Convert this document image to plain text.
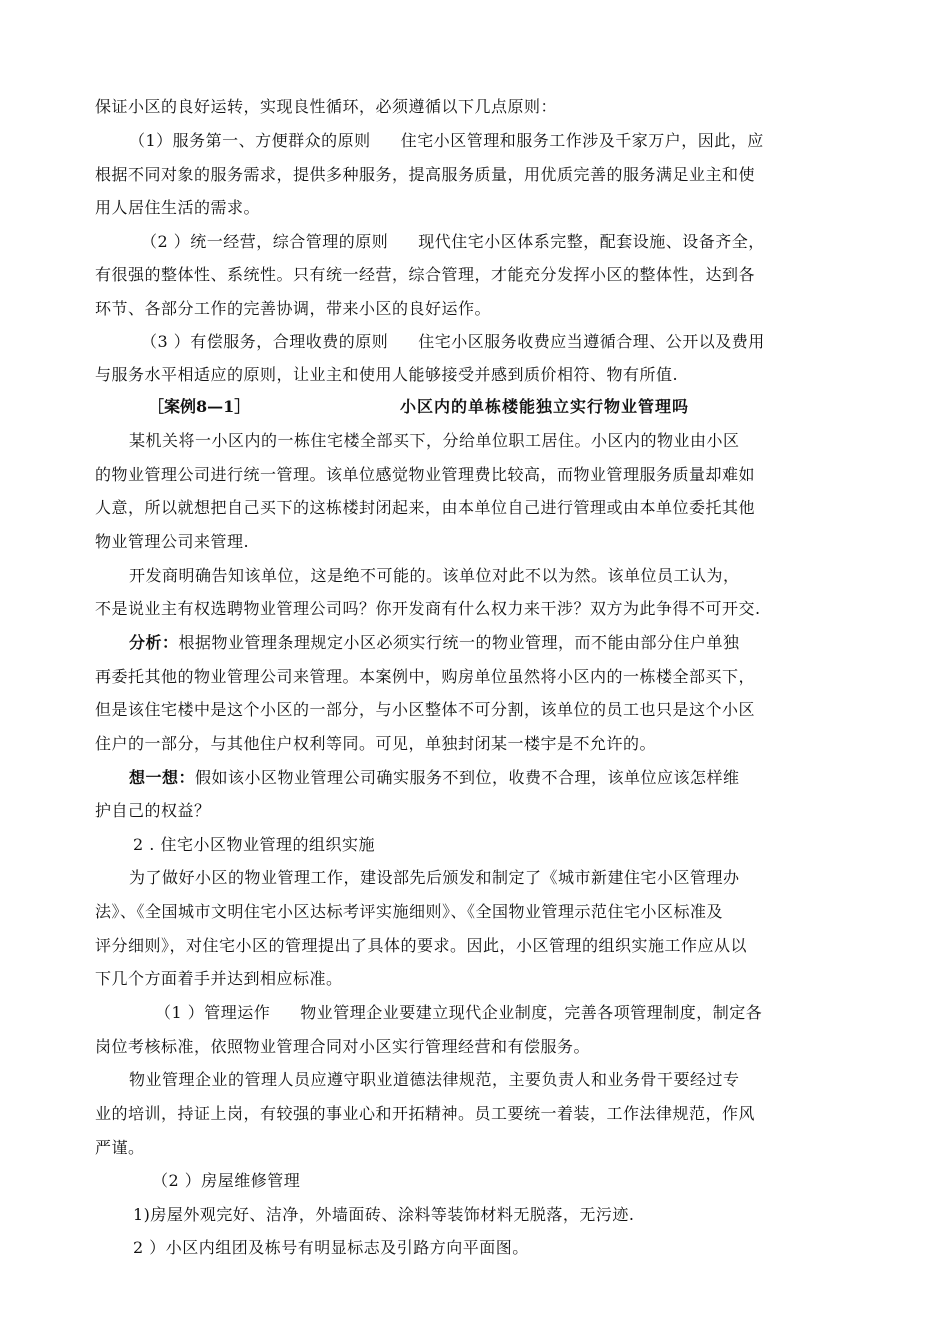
保证小区的良好运转，实现良性循环，必须遵循以下几点原则：
（1）服务第一、方便群众的原则 住宅小区管理和服务工作涉及千家万户，因此，应
根据不同对象的服务需求，提供多种服务，提高服务质量，用优质完善的服务满足业主和使
用人居住生活的需求。
（2 ）统一经营，综合管理的原则 现代住宅小区体系完整，配套设施、设备齐全，
有很强的整体性、系统性。只有统一经营，综合管理，才能充分发挥小区的整体性，达到各
环节、各部分工作的完善协调，带来小区的良好运作。
（3 ）有偿服务，合理收费的原则 住宅小区服务收费应当遵循合理、公开以及费用
与服务水平相适应的原则，让业主和使用人能够接受并感到质价相符、物有所值.
［案例8—1］	小区内的单栋楼能独立实行物业管理吗
某机关将一小区内的一栋住宅楼全部买下，分给单位职工居住。小区内的物业由小区
的物业管理公司进行统一管理。该单位感觉物业管理费比较高，而物业管理服务质量却难如
人意，所以就想把自己买下的这栋楼封闭起来，由本单位自己进行管理或由本单位委托其他
物业管理公司来管理.
开发商明确告知该单位，这是绝不可能的。该单位对此不以为然。该单位员工认为，
不是说业主有权选聘物业管理公司吗？你开发商有什么权力来干涉？双方为此争得不可开交.
分析：根据物业管理条理规定小区必须实行统一的物业管理，而不能由部分住户单独
再委托其他的物业管理公司来管理。本案例中，购房单位虽然将小区内的一栋楼全部买下，
但是该住宅楼中是这个小区的一部分，与小区整体不可分割，该单位的员工也只是这个小区
住户的一部分，与其他住户权利等同。可见，单独封闭某一楼宇是不允许的。
想一想：假如该小区物业管理公司确实服务不到位，收费不合理，该单位应该怎样维
护自己的权益？
2 . 住宅小区物业管理的组织实施
为了做好小区的物业管理工作，建设部先后颁发和制定了《城市新建住宅小区管理办
法》、《全国城市文明住宅小区达标考评实施细则》、《全国物业管理示范住宅小区标准及
评分细则》，对住宅小区的管理提出了具体的要求。因此，小区管理的组织实施工作应从以
下几个方面着手并达到相应标准。
（1 ）管理运作 物业管理企业要建立现代企业制度，完善各项管理制度，制定各
岗位考核标准，依照物业管理合同对小区实行管理经营和有偿服务。
物业管理企业的管理人员应遵守职业道德法律规范，主要负责人和业务骨干要经过专
业的培训，持证上岗，有较强的事业心和开拓精神。员工要统一着装，工作法律规范，作风
严谨。
（2 ）房屋维修管理
1)房屋外观完好、洁净，外墙面砖、涂料等装饰材料无脱落，无污迹.
2 ）小区内组团及栋号有明显标志及引路方向平面图。
